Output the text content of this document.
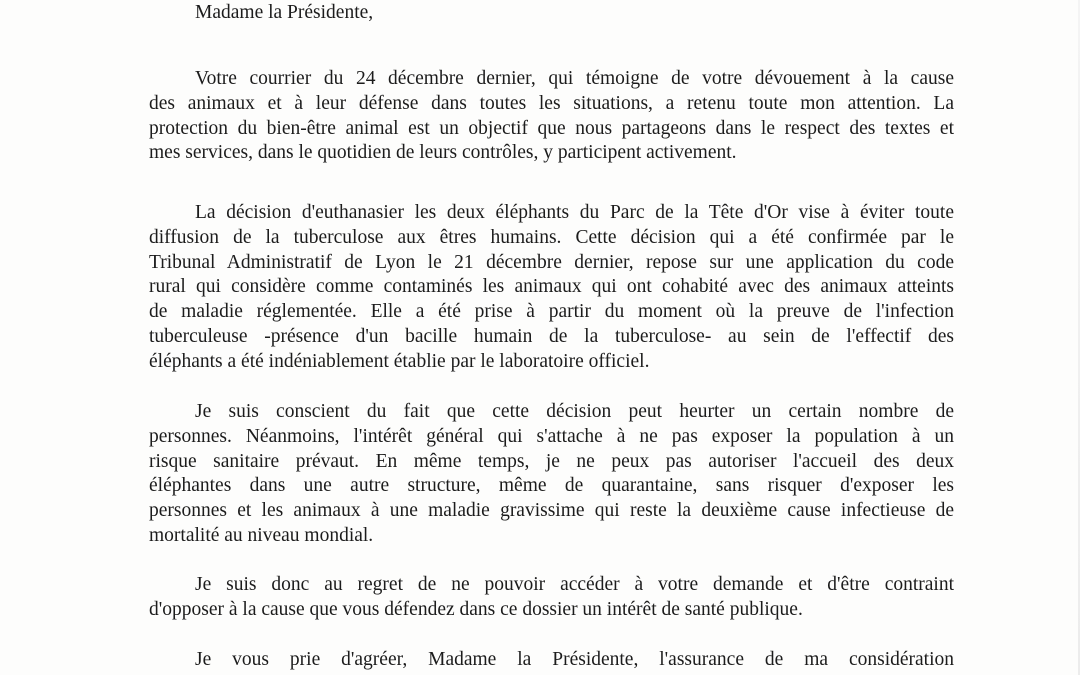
Madame la Présidente,
Votre courrier du 24 décembre dernier, qui témoigne de votre dévouement à la cause
des animaux et à leur défense dans toutes les situations, a retenu toute mon attention. La
protection du bien-être animal est un objectif que nous partageons dans le respect des textes et
mes services, dans le quotidien de leurs contrôles, y participent activement.
La décision d'euthanasier les deux éléphants du Parc de la Tête d'Or vise à éviter toute
diffusion de la tuberculose aux êtres humains. Cette décision qui a été confirmée par le
Tribunal Administratif de Lyon le 21 décembre dernier, repose sur une application du code
rural qui considère comme contaminés les animaux qui ont cohabité avec des animaux atteints
de maladie réglementée. Elle a été prise à partir du moment où la preuve de l'infection
tuberculeuse -présence d'un bacille humain de la tuberculose- au sein de l'effectif des
éléphants a été indéniablement établie par le laboratoire officiel.
Je suis conscient du fait que cette décision peut heurter un certain nombre de
personnes. Néanmoins, l'intérêt général qui s'attache à ne pas exposer la population à un
risque sanitaire prévaut. En même temps, je ne peux pas autoriser l'accueil des deux
éléphantes dans une autre structure, même de quarantaine, sans risquer d'exposer les
personnes et les animaux à une maladie gravissime qui reste la deuxième cause infectieuse de
mortalité au niveau mondial.
Je suis donc au regret de ne pouvoir accéder à votre demande et d'être contraint
d'opposer à la cause que vous défendez dans ce dossier un intérêt de santé publique.
Je vous prie d'agréer, Madame la Présidente, l'assurance de ma considération
